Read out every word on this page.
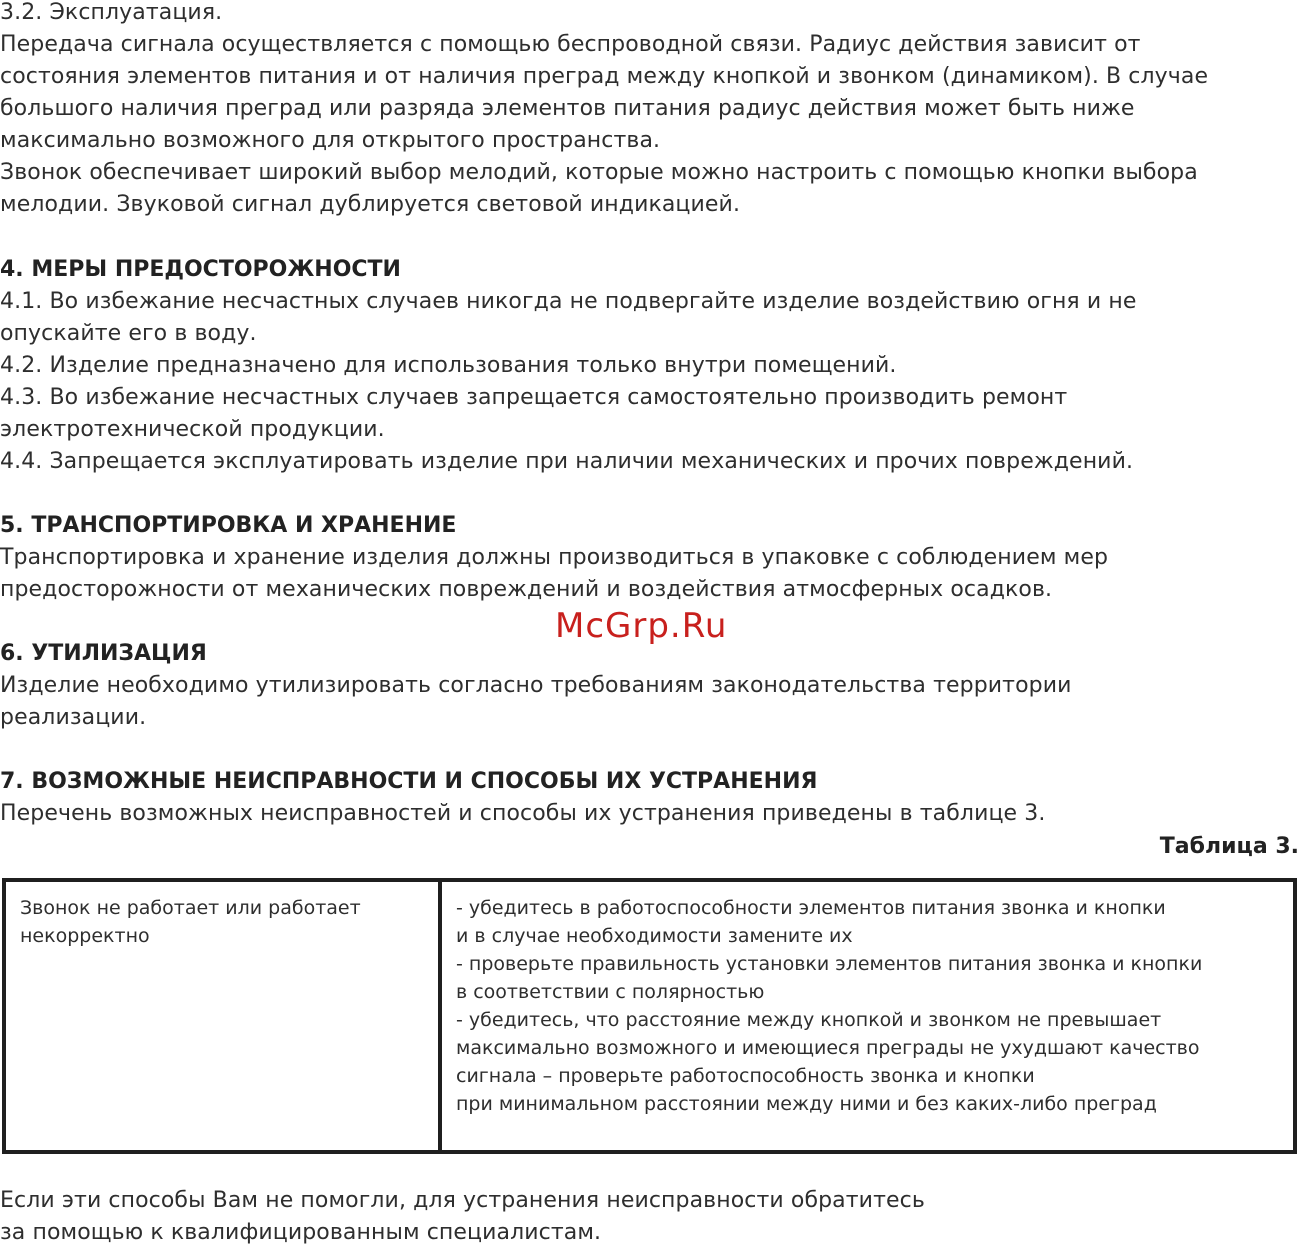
3.2. Эксплуатация.
Передача сигнала осуществляется с помощью беспроводной связи. Радиус действия зависит от
состояния элементов питания и от наличия преград между кнопкой и звонком (динамиком). В случае
большого наличия преград или разряда элементов питания радиус действия может быть ниже
максимально возможного для открытого пространства.
Звонок обеспечивает широкий выбор мелодий, которые можно настроить с помощью кнопки выбора
мелодии. Звуковой сигнал дублируется световой индикацией.
4. МЕРЫ ПРЕДОСТОРОЖНОСТИ
4.1. Во избежание несчастных случаев никогда не подвергайте изделие воздействию огня и не
опускайте его в воду.
4.2. Изделие предназначено для использования только внутри помещений.
4.3. Во избежание несчастных случаев запрещается самостоятельно производить ремонт
электротехнической продукции.
4.4. Запрещается эксплуатировать изделие при наличии механических и прочих повреждений.
5. ТРАНСПОРТИРОВКА И ХРАНЕНИЕ
Транспортировка и хранение изделия должны производиться в упаковке с соблюдением мер
предосторожности от механических повреждений и воздействия атмосферных осадков.
McGrp.Ru
6. УТИЛИЗАЦИЯ
Изделие необходимо утилизировать согласно требованиям законодательства территории
реализации.
7. ВОЗМОЖНЫЕ НЕИСПРАВНОСТИ И СПОСОБЫ ИХ УСТРАНЕНИЯ
Перечень возможных неисправностей и способы их устранения приведены в таблице 3.
Таблица 3.
Звонок не работает или работает
некорректно
- убедитесь в работоспособности элементов питания звонка и кнопки
и в случае необходимости замените их
- проверьте правильность установки элементов питания звонка и кнопки
в соответствии с полярностью
- убедитесь, что расстояние между кнопкой и звонком не превышает
максимально возможного и имеющиеся преграды не ухудшают качество
сигнала – проверьте работоспособность звонка и кнопки
при минимальном расстоянии между ними и без каких-либо преград
Если эти способы Вам не помогли, для устранения неисправности обратитесь
за помощью к квалифицированным специалистам.
